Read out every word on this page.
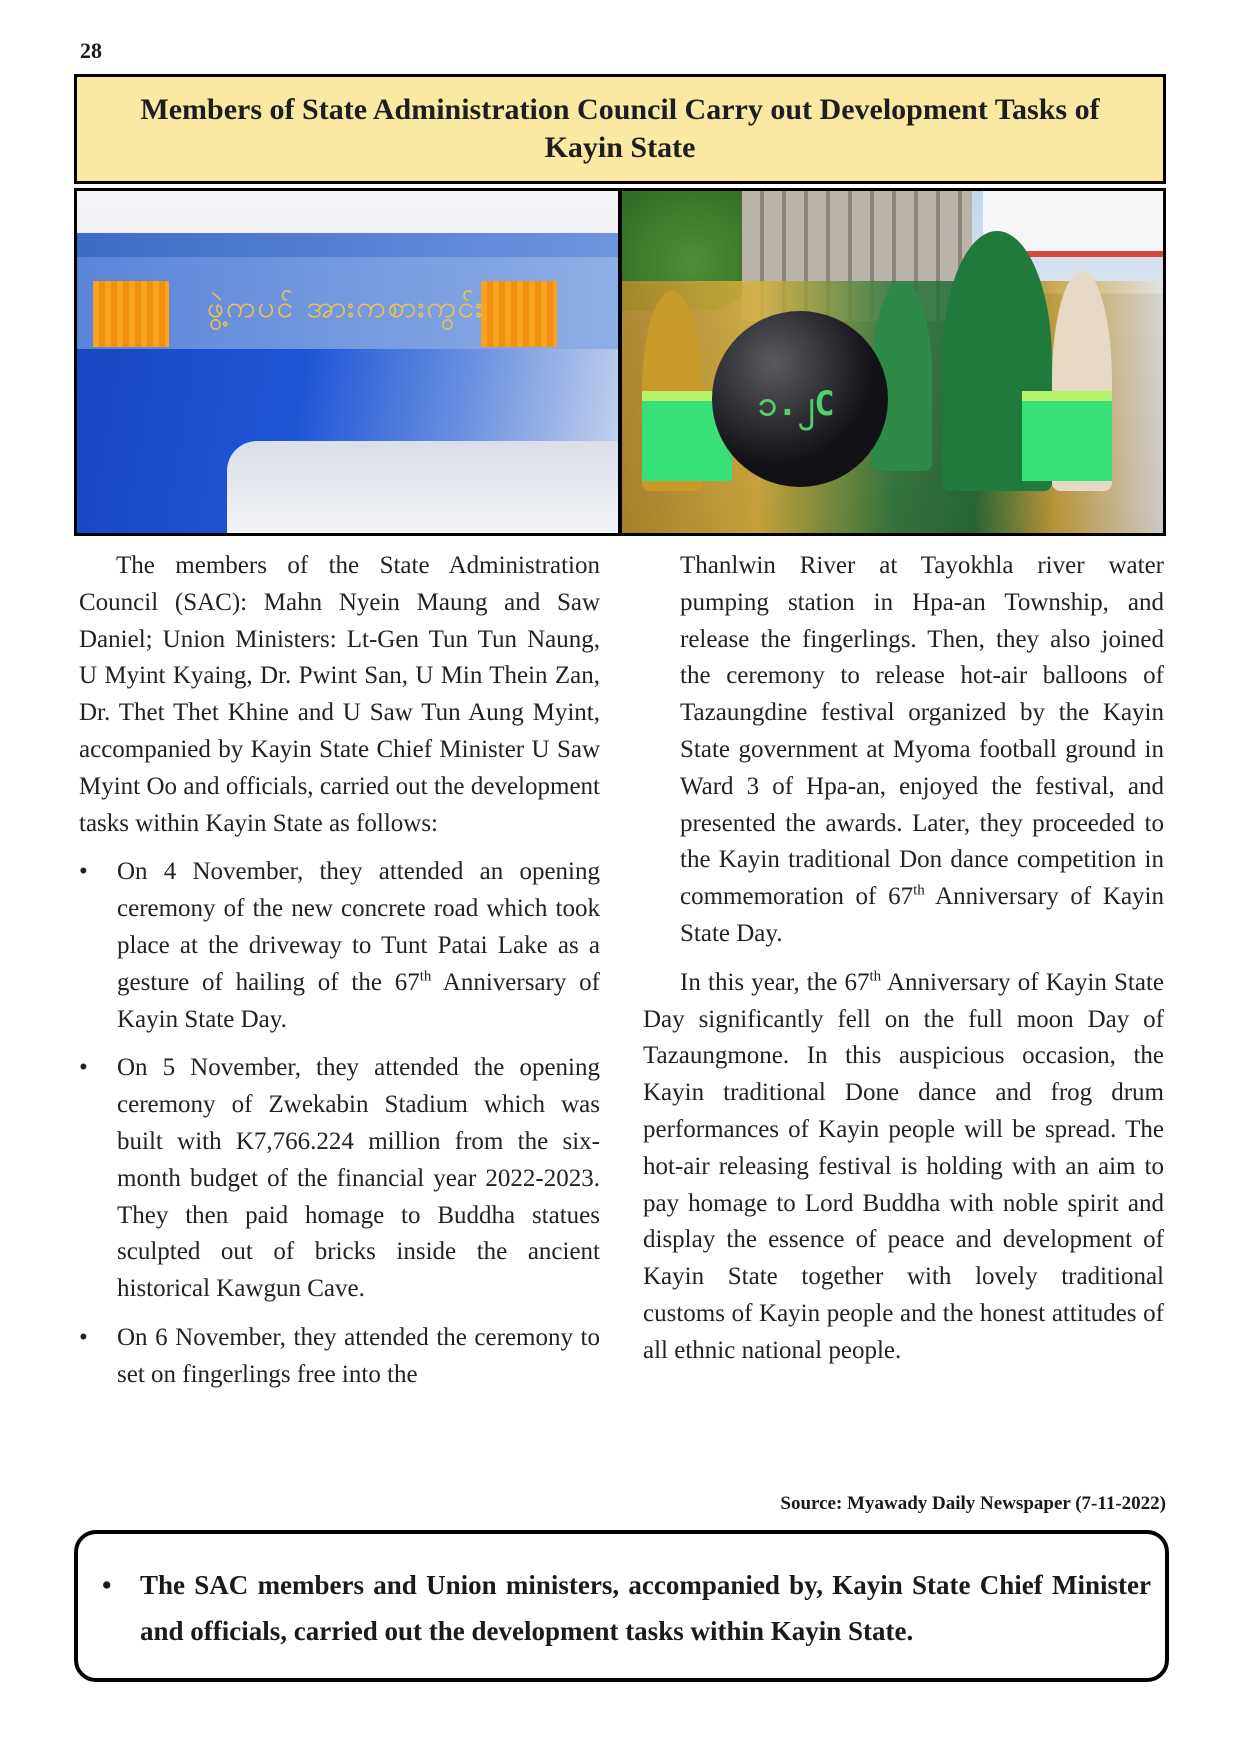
28
Members of State Administration Council Carry out Development Tasks of Kayin State
ဖွဲ့ကပင် အားကစားကွင်း
၁.၂C

The members of the State Administration Council (SAC): Mahn Nyein Maung and Saw Daniel; Union Ministers: Lt-Gen Tun Tun Naung, U Myint Kyaing, Dr. Pwint San, U Min Thein Zan, Dr. Thet Thet Khine and U Saw Tun Aung Myint, accompanied by Kayin State Chief Minister U Saw Myint Oo and officials, carried out the development tasks within Kayin State as follows:

• On 4 November, they attended an opening ceremony of the new concrete road which took place at the driveway to Tunt Patai Lake as a gesture of hailing of the 67th Anniversary of Kayin State Day.
• On 5 November, they attended the opening ceremony of Zwekabin Stadium which was built with K7,766.224 million from the six-month budget of the financial year 2022-2023. They then paid homage to Buddha statues sculpted out of bricks inside the ancient historical Kawgun Cave.
• On 6 November, they attended the ceremony to set on fingerlings free into the

Thanlwin River at Tayokhla river water pumping station in Hpa-an Township, and release the fingerlings. Then, they also joined the ceremony to release hot-air balloons of Tazaungdine festival organized by the Kayin State government at Myoma football ground in Ward 3 of Hpa-an, enjoyed the festival, and presented the awards. Later, they proceeded to the Kayin traditional Don dance competition in commemoration of 67th Anniversary of Kayin State Day.

In this year, the 67th Anniversary of Kayin State Day significantly fell on the full moon Day of Tazaungmone. In this auspicious occasion, the Kayin traditional Done dance and frog drum performances of Kayin people will be spread. The hot-air releasing festival is holding with an aim to pay homage to Lord Buddha with noble spirit and display the essence of peace and development of Kayin State together with lovely traditional customs of Kayin people and the honest attitudes of all ethnic national people.

Source: Myawady Daily Newspaper (7-11-2022)
• The SAC members and Union ministers, accompanied by, Kayin State Chief Minister and officials, carried out the development tasks within Kayin State.
